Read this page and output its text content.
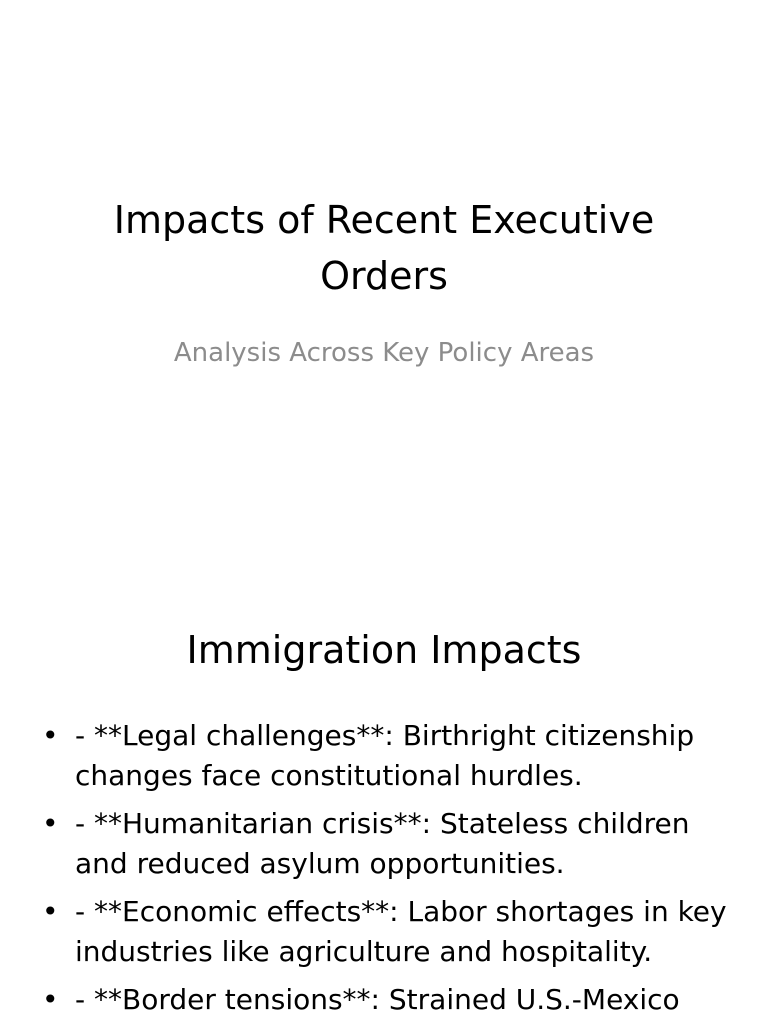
Impacts of Recent Executive Orders
Analysis Across Key Policy Areas
Immigration Impacts
• - **Legal challenges**: Birthright citizenship changes face constitutional hurdles.
• - **Humanitarian crisis**: Stateless children and reduced asylum opportunities.
• - **Economic effects**: Labor shortages in key industries like agriculture and hospitality.
• - **Border tensions**: Strained U.S.-Mexico
